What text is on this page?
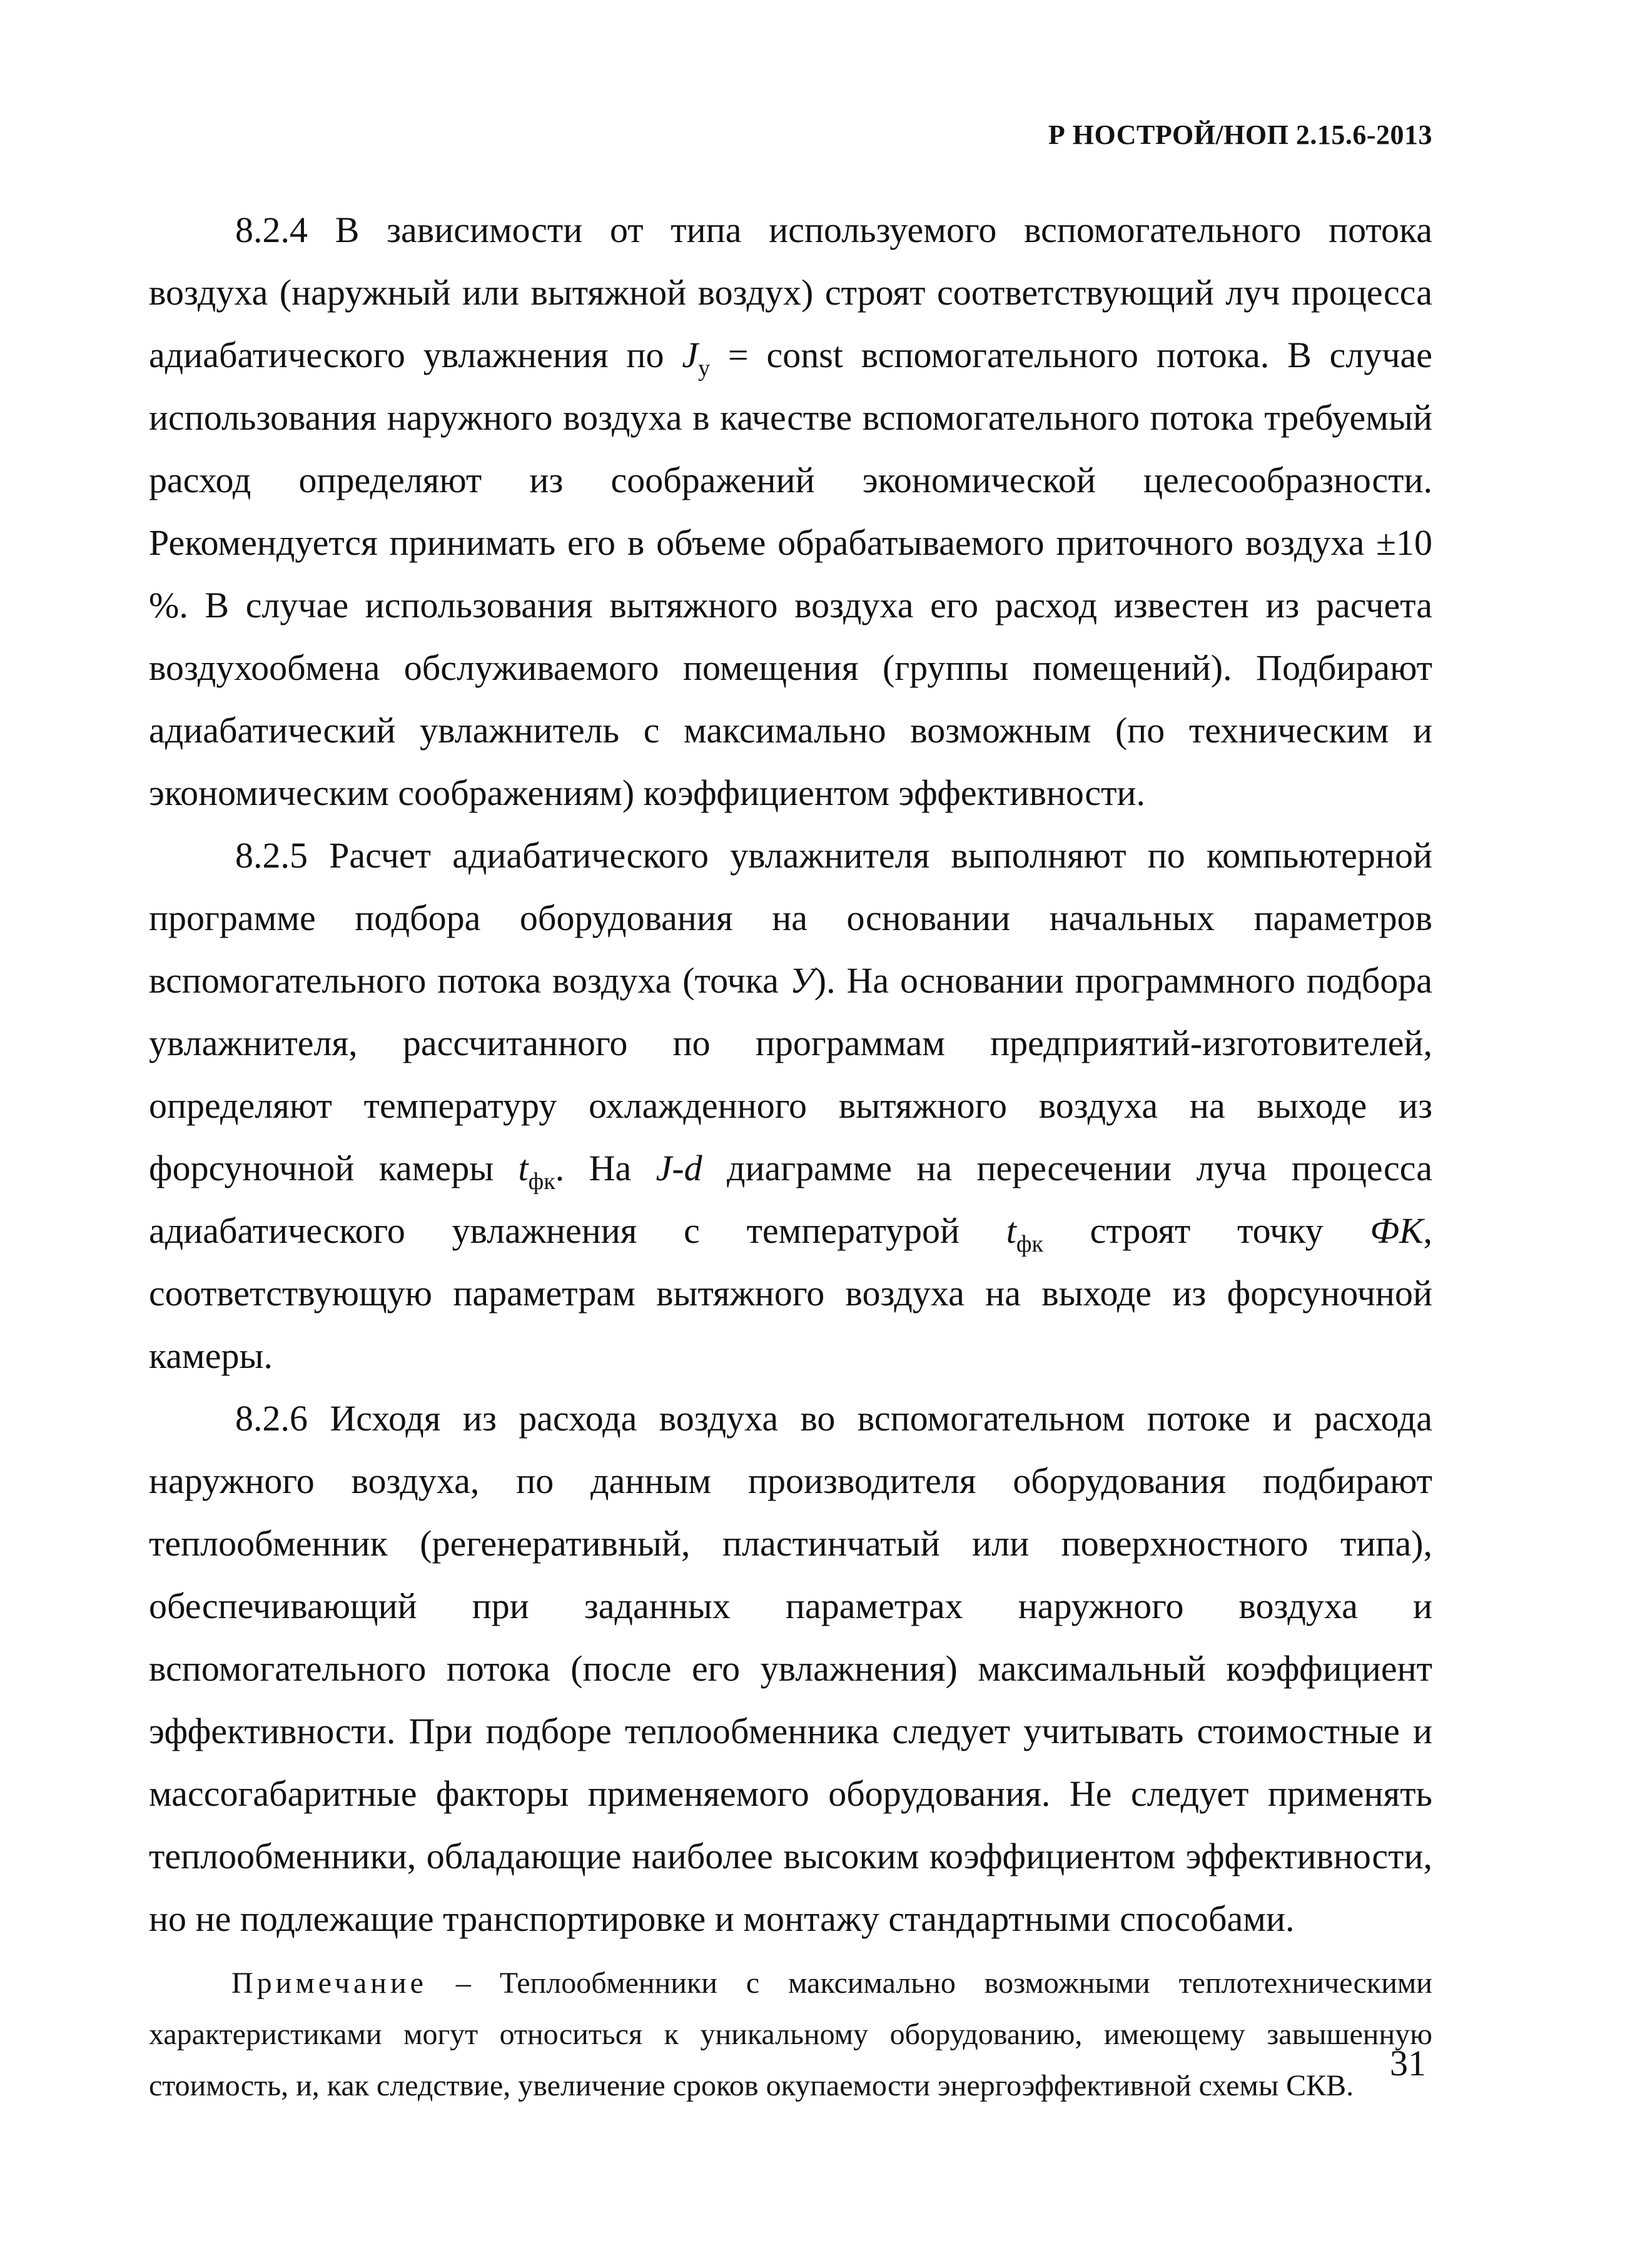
Р НОСТРОЙ/НОП 2.15.6-2013

8.2.4 В зависимости от типа используемого вспомогательного потока воздуха (наружный или вытяжной воздух) строят соответствующий луч процесса адиабатического увлажнения по $J_у$ = const вспомогательного потока. В случае использования наружного воздуха в качестве вспомогательного потока требуемый расход определяют из соображений экономической целесообразности. Рекомендуется принимать его в объеме обрабатываемого приточного воздуха ±10 %. В случае использования вытяжного воздуха его расход известен из расчета воздухообмена обслуживаемого помещения (группы помещений). Подбирают адиабатический увлажнитель с максимально возможным (по техническим и экономическим соображениям) коэффициентом эффективности.

8.2.5 Расчет адиабатического увлажнителя выполняют по компьютерной программе подбора оборудования на основании начальных параметров вспомогательного потока воздуха (точка У). На основании программного подбора увлажнителя, рассчитанного по программам предприятий-изготовителей, определяют температуру охлажденного вытяжного воздуха на выходе из форсуночной камеры $t_{фк}$. На J-d диаграмме на пересечении луча процесса адиабатического увлажнения с температурой $t_{фк}$ строят точку ФК, соответствующую параметрам вытяжного воздуха на выходе из форсуночной камеры.

8.2.6 Исходя из расхода воздуха во вспомогательном потоке и расхода наружного воздуха, по данным производителя оборудования подбирают теплообменник (регенеративный, пластинчатый или поверхностного типа), обеспечивающий при заданных параметрах наружного воздуха и вспомогательного потока (после его увлажнения) максимальный коэффициент эффективности. При подборе теплообменника следует учитывать стоимостные и массогабаритные факторы применяемого оборудования. Не следует применять теплообменники, обладающие наиболее высоким коэффициентом эффективности, но не подлежащие транспортировке и монтажу стандартными способами.

Примечание – Теплообменники с максимально возможными теплотехническими характеристиками могут относиться к уникальному оборудованию, имеющему завышенную стоимость, и, как следствие, увеличение сроков окупаемости энергоэффективной схемы СКВ.

31
